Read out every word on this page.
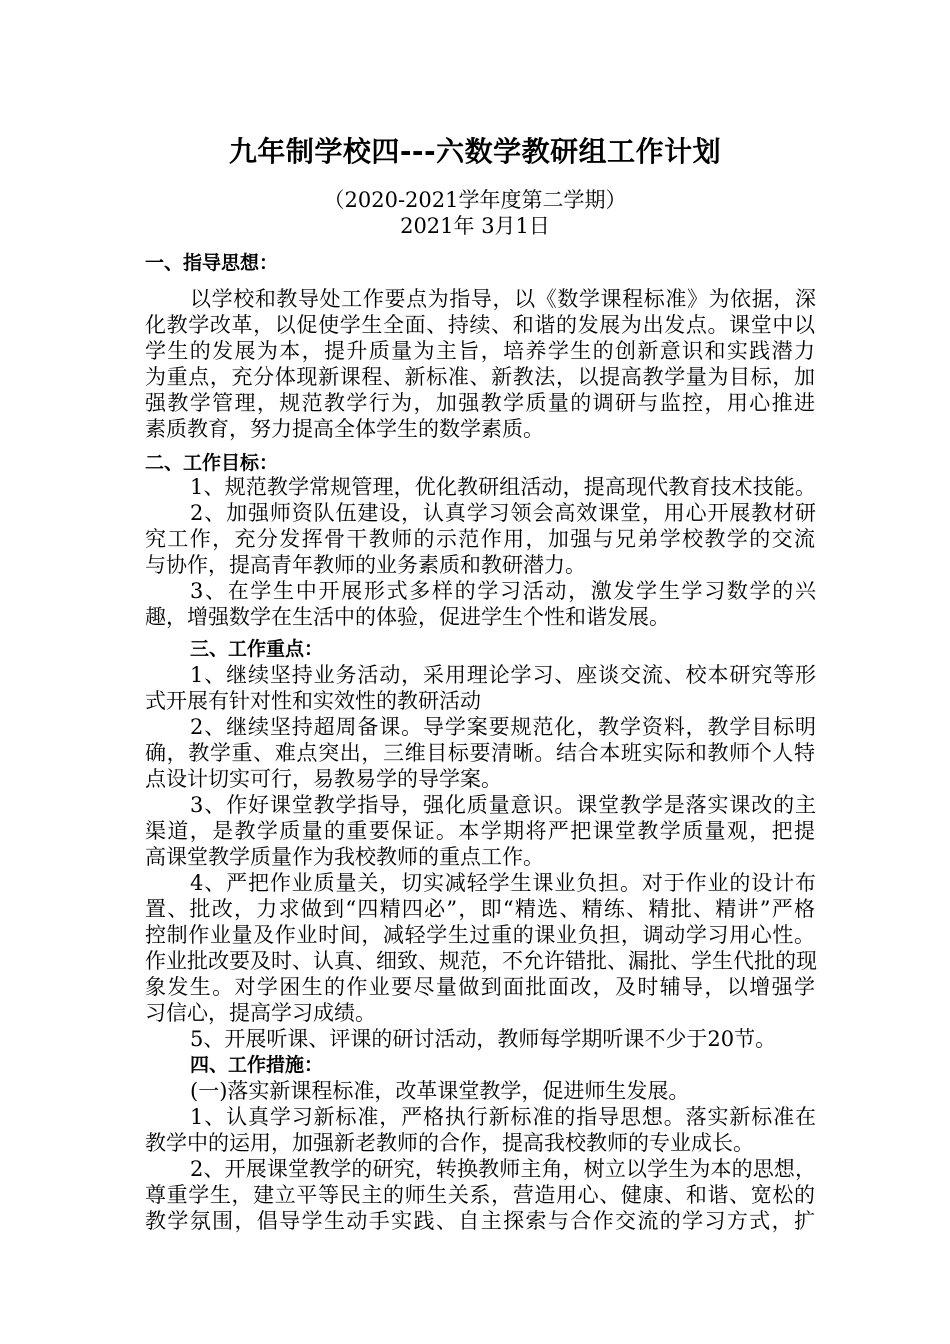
九年制学校四---六数学教研组工作计划
（2020-2021学年度第二学期）
2021年 3月1日
一、指导思想：
以学校和教导处工作要点为指导，以《数学课程标准》为依据，深
化教学改革，以促使学生全面、持续、和谐的发展为出发点。课堂中以
学生的发展为本，提升质量为主旨，培养学生的创新意识和实践潜力
为重点，充分体现新课程、新标准、新教法，以提高教学量为目标，加
强教学管理，规范教学行为，加强教学质量的调研与监控，用心推进
素质教育，努力提高全体学生的数学素质。
二、工作目标：
1、规范教学常规管理，优化教研组活动，提高现代教育技术技能。
2、加强师资队伍建设，认真学习领会高效课堂，用心开展教材研
究工作，充分发挥骨干教师的示范作用，加强与兄弟学校教学的交流
与协作，提高青年教师的业务素质和教研潜力。
3、在学生中开展形式多样的学习活动，激发学生学习数学的兴
趣，增强数学在生活中的体验，促进学生个性和谐发展。
三、工作重点：
1、继续坚持业务活动，采用理论学习、座谈交流、校本研究等形
式开展有针对性和实效性的教研活动
2、继续坚持超周备课。导学案要规范化，教学资料，教学目标明
确，教学重、难点突出，三维目标要清晰。结合本班实际和教师个人特
点设计切实可行，易教易学的导学案。
3、作好课堂教学指导，强化质量意识。课堂教学是落实课改的主
渠道，是教学质量的重要保证。本学期将严把课堂教学质量观，把提
高课堂教学质量作为我校教师的重点工作。
4、严把作业质量关，切实减轻学生课业负担。对于作业的设计布
置、批改，力求做到“四精四必”，即“精选、精练、精批、精讲”严格
控制作业量及作业时间，减轻学生过重的课业负担，调动学习用心性。
作业批改要及时、认真、细致、规范，不允许错批、漏批、学生代批的现
象发生。对学困生的作业要尽量做到面批面改，及时辅导，以增强学
习信心，提高学习成绩。
5、开展听课、评课的研讨活动，教师每学期听课不少于20节。
四、工作措施：
(一)落实新课程标准，改革课堂教学，促进师生发展。
1、认真学习新标准，严格执行新标准的指导思想。落实新标准在
教学中的运用，加强新老教师的合作，提高我校教师的专业成长。
2、开展课堂教学的研究，转换教师主角，树立以学生为本的思想，
尊重学生，建立平等民主的师生关系，营造用心、健康、和谐、宽松的
教学氛围，倡导学生动手实践、自主探索与合作交流的学习方式，扩
